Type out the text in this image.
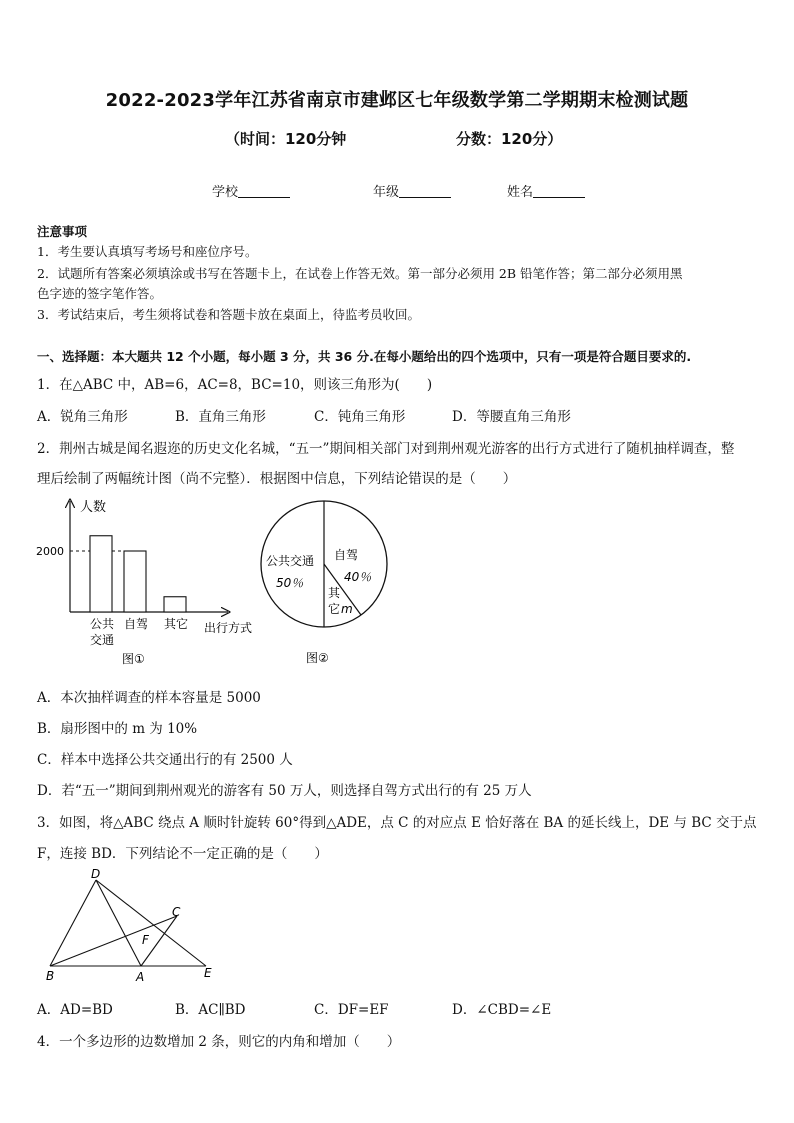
2022-2023学年江苏省南京市建邺区七年级数学第二学期期末检测试题
（时间：120分钟	分数：120分）
学校	年级	姓名
注意事项
1．考生要认真填写考场号和座位序号。
2．试题所有答案必须填涂或书写在答题卡上，在试卷上作答无效。第一部分必须用 2B 铅笔作答；第二部分必须用黑
色字迹的签字笔作答。
3．考试结束后，考生须将试卷和答题卡放在桌面上，待监考员收回。
一、选择题：本大题共 12 个小题，每小题 3 分，共 36 分.在每小题给出的四个选项中，只有一项是符合题目要求的.
1．在△ABC 中，AB=6，AC=8，BC=10，则该三角形为(　　)
A．锐角三角形	B．直角三角形	C．钝角三角形	D．等腰直角三角形
2．荆州古城是闻名遐迩的历史文化名城，“五一”期间相关部门对到荆州观光游客的出行方式进行了随机抽样调查，整
理后绘制了两幅统计图（尚不完整）．根据图中信息，下列结论错误的是（　　）
人数
2000
公共
交通
自驾 其它 出行方式
图①
公共交通
50％
自驾
40％
其
它 m
图②
A．本次抽样调查的样本容量是 5000
B．扇形图中的 m 为 10%
C．样本中选择公共交通出行的有 2500 人
D．若“五一”期间到荆州观光的游客有 50 万人，则选择自驾方式出行的有 25 万人
3．如图，将△ABC 绕点 A 顺时针旋转 60°得到△ADE，点 C 的对应点 E 恰好落在 BA 的延长线上，DE 与 BC 交于点
F，连接 BD．下列结论不一定正确的是（　　）
D
C
F
B	A	E
A．AD=BD	B．AC∥BD	C．DF=EF	D．∠CBD=∠E
4．一个多边形的边数增加 2 条，则它的内角和增加（　　）
